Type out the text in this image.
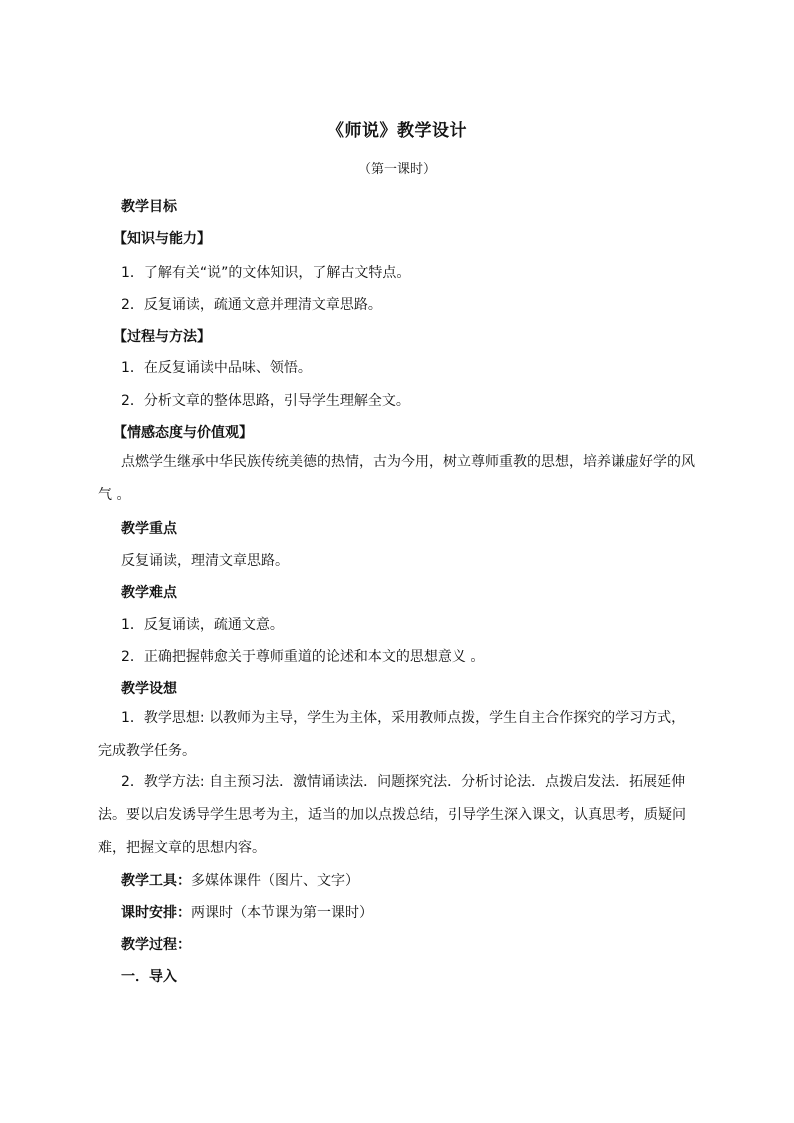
《师说》教学设计
（第一课时）
教学目标
【知识与能力】
1．了解有关“说”的文体知识，了解古文特点。
2．反复诵读，疏通文意并理清文章思路。
【过程与方法】
1．在反复诵读中品味、领悟。
2．分析文章的整体思路，引导学生理解全文。
【情感态度与价值观】
点燃学生继承中华民族传统美德的热情，古为今用，树立尊师重教的思想，培养谦虚好学的风气 。
教学重点
反复诵读，理清文章思路。
教学难点
1．反复诵读，疏通文意。
2．正确把握韩愈关于尊师重道的论述和本文的思想意义 。
教学设想
1．教学思想: 以教师为主导，学生为主体，采用教师点拨，学生自主合作探究的学习方式，完成教学任务。
2．教学方法: 自主预习法．激情诵读法．问题探究法．分析讨论法．点拨启发法．拓展延伸法。要以启发诱导学生思考为主，适当的加以点拨总结，引导学生深入课文，认真思考，质疑问难，把握文章的思想内容。
教学工具：多媒体课件（图片、文字）
课时安排：两课时（本节课为第一课时）
教学过程：
一．导入
